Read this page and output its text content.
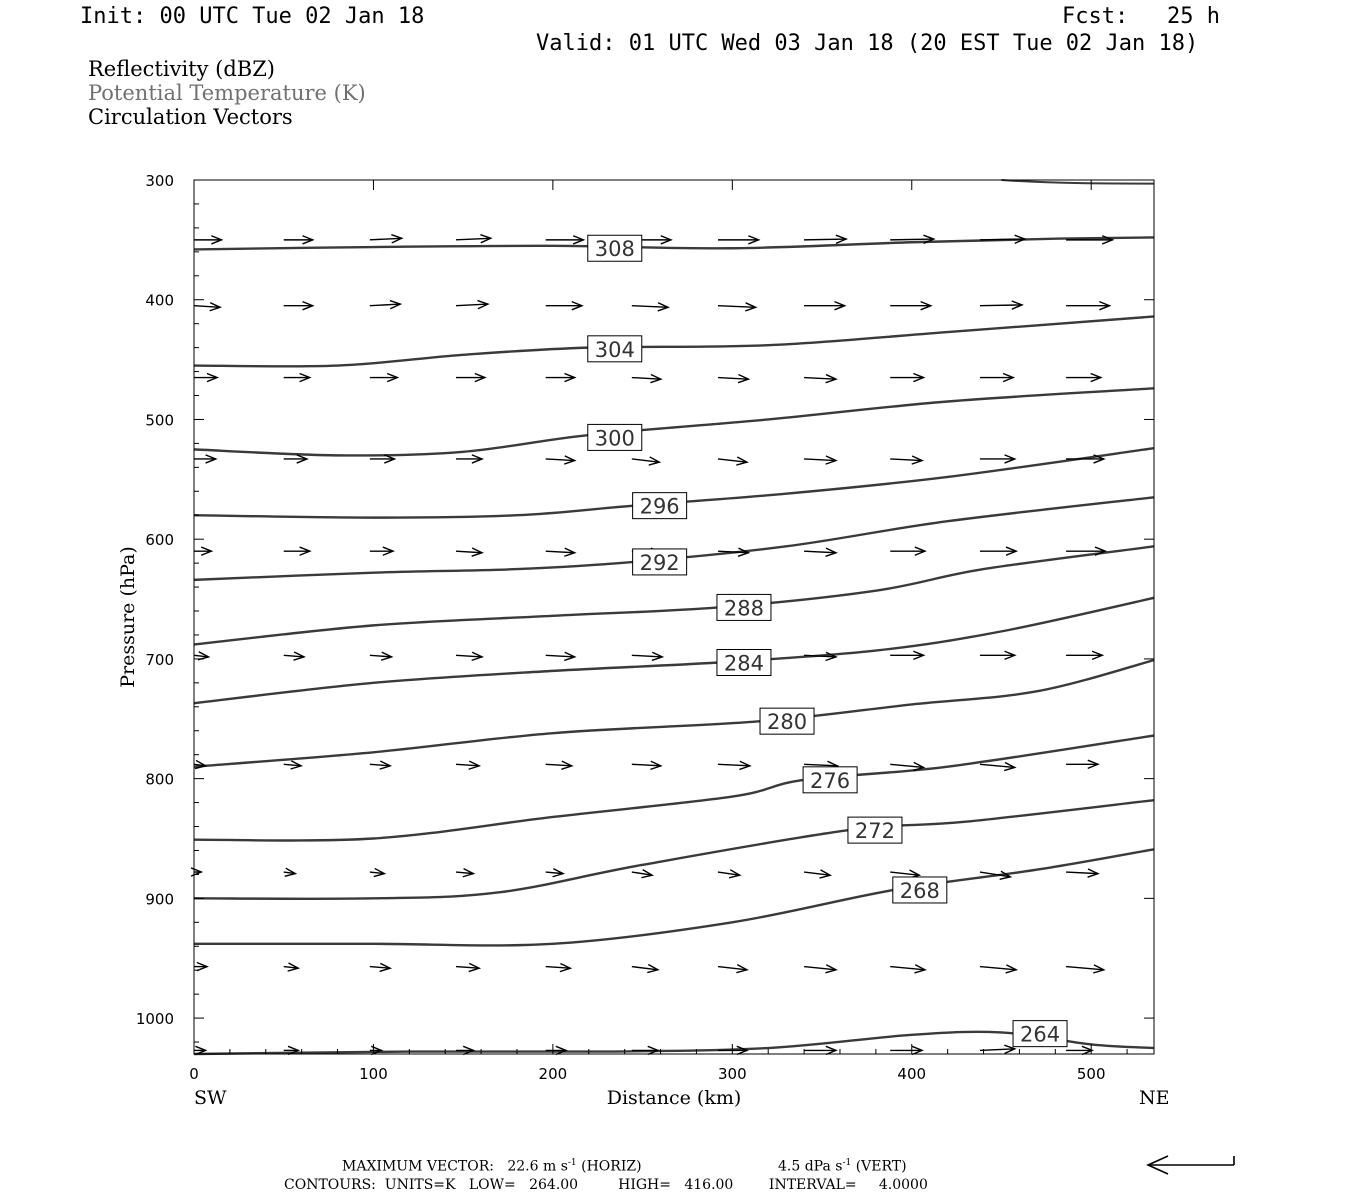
Init: 00 UTC Tue 02 Jan 18	Fcst: 25 h
Valid: 01 UTC Wed 03 Jan 18 (20 EST Tue 02 Jan 18)
Reflectivity (dBZ)
Potential Temperature (K)
Circulation Vectors
308
304
300
296
292
288
284
280
276
272
268
264
300
400
500
600
700
800
900
1000
0	100	200	300	400	500
Distance (km)
Pressure (hPa)
SW	NE
MAXIMUM VECTOR: 22.6 m $s^{-1}$ (HORIZ)	4.5 dPa $s^{-1}$ (VERT)
CONTOURS:  UNITS=K   LOW=   264.00         HIGH=   416.00        INTERVAL=     4.0000
